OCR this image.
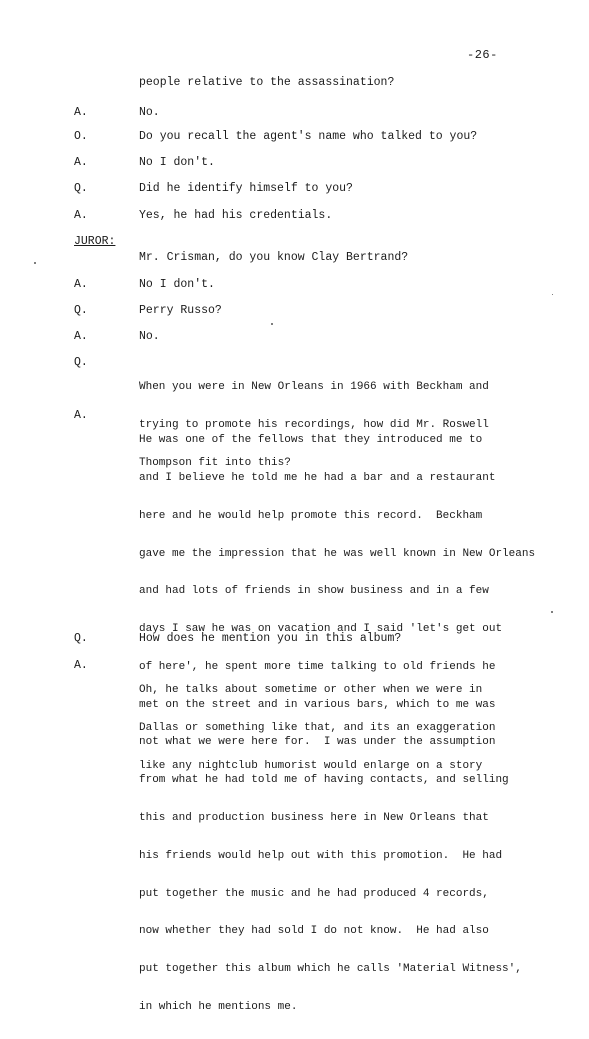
-26-
people relative to the assassination?
A.	No.
O.	Do you recall the agent's name who talked to you?
A.	No I don't.
Q.	Did he identify himself to you?
A.	Yes, he had his credentials.
JUROR:
Mr. Crisman, do you know Clay Bertrand?
A.	No I don't.
Q.	Perry Russo?
A.	No.
Q.

When you were in New Orleans in 1966 with Beckham and

trying to promote his recordings, how did Mr. Roswell

Thompson fit into this?

A.

He was one of the fellows that they introduced me to

and I believe he told me he had a bar and a restaurant

here and he would help promote this record.  Beckham

gave me the impression that he was well known in New Orleans

and had lots of friends in show business and in a few

days I saw he was on vacation and I said 'let's get out

of here', he spent more time talking to old friends he

met on the street and in various bars, which to me was

not what we were here for.  I was under the assumption

from what he had told me of having contacts, and selling

this and production business here in New Orleans that

his friends would help out with this promotion.  He had

put together the music and he had produced 4 records,

now whether they had sold I do not know.  He had also

put together this album which he calls 'Material Witness',

in which he mentions me.

Q.	How does he mention you in this album?
A.

Oh, he talks about sometime or other when we were in

Dallas or something like that, and its an exaggeration

like any nightclub humorist would enlarge on a story
